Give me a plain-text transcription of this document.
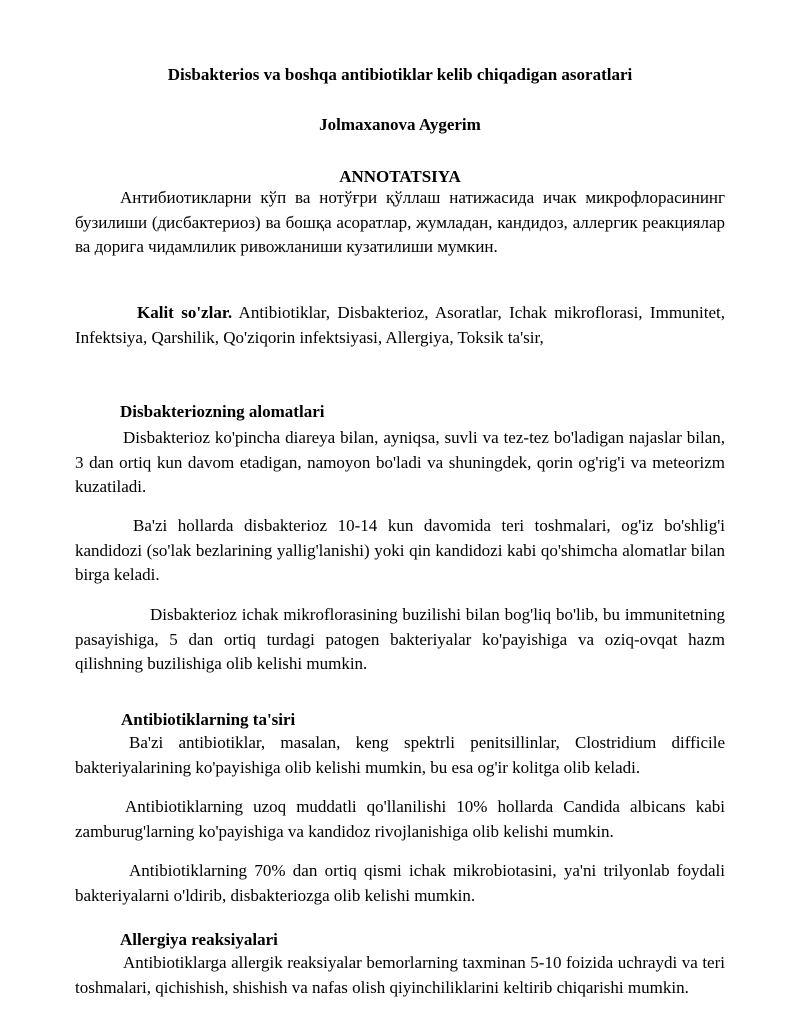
Disbakterios va boshqa antibiotiklar kelib chiqadigan asoratlari

Jolmaxanova Aygerim

ANNOTATSIYA

Антибиотикларни кўп ва нотўғри қўллаш натижасида ичак микрофлорасининг бузилиши (дисбактериоз) ва бошқа асоратлар, жумладан, кандидоз, аллергик реакциялар ва дорига чидамлилик ривожланиши кузатилиши мумкин.

Kalit so'zlar. Antibiotiklar, Disbakterioz, Asoratlar, Ichak mikroflorasi, Immunitet, Infektsiya, Qarshilik, Qo'ziqorin infektsiyasi, Allergiya, Toksik ta'sir,

Disbakteriozning alomatlari

Disbakterioz ko'pincha diareya bilan, ayniqsa, suvli va tez-tez bo'ladigan najaslar bilan, 3 dan ortiq kun davom etadigan, namoyon bo'ladi va shuningdek, qorin og'rig'i va meteorizm kuzatiladi.

Ba'zi hollarda disbakterioz 10-14 kun davomida teri toshmalari, og'iz bo'shlig'i kandidozi (so'lak bezlarining yallig'lanishi) yoki qin kandidozi kabi qo'shimcha alomatlar bilan birga keladi.

Disbakterioz ichak mikroflorasining buzilishi bilan bog'liq bo'lib, bu immunitetning pasayishiga, 5 dan ortiq turdagi patogen bakteriyalar ko'payishiga va oziq-ovqat hazm qilishning buzilishiga olib kelishi mumkin.

Antibiotiklarning ta'siri

Ba'zi antibiotiklar, masalan, keng spektrli penitsillinlar, Clostridium difficile bakteriyalarining ko'payishiga olib kelishi mumkin, bu esa og'ir kolitga olib keladi.

Antibiotiklarning uzoq muddatli qo'llanilishi 10% hollarda Candida albicans kabi zamburug'larning ko'payishiga va kandidoz rivojlanishiga olib kelishi mumkin.

Antibiotiklarning 70% dan ortiq qismi ichak mikrobiotasini, ya'ni trilyonlab foydali bakteriyalarni o'ldirib, disbakteriozga olib kelishi mumkin.

Allergiya reaksiyalari

Antibiotiklarga allergik reaksiyalar bemorlarning taxminan 5-10 foizida uchraydi va teri toshmalari, qichishish, shishish va nafas olish qiyinchiliklarini keltirib chiqarishi mumkin.
